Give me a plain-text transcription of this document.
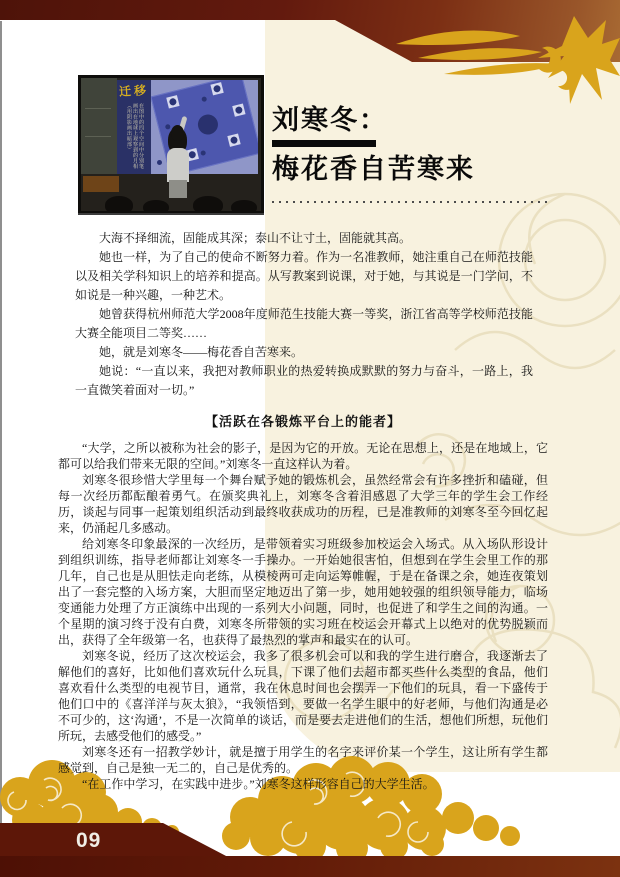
迁移
在图中的四个空间中分别笔画出在地球上观察到的月相（用阴影画出暗部）	刘寒冬：
梅花香自苦寒来

大海不择细流，固能成其深；泰山不让寸土，固能就其高。

她也一样，为了自己的使命不断努力着。作为一名准教师，她注重自己在师范技能以及相关学科知识上的培养和提高。从写教案到说课，对于她，与其说是一门学问，不如说是一种兴趣，一种艺术。

她曾获得杭州师范大学2008年度师范生技能大赛一等奖，浙江省高等学校师范技能大赛全能项目二等奖……

她，就是刘寒冬——梅花香自苦寒来。

她说：“一直以来，我把对教师职业的热爱转换成默默的努力与奋斗，一路上，我一直微笑着面对一切。”

【活跃在各锻炼平台上的能者】

“大学，之所以被称为社会的影子，是因为它的开放。无论在思想上，还是在地域上，它都可以给我们带来无限的空间。”刘寒冬一直这样认为着。

刘寒冬很珍惜大学里每一个舞台赋予她的锻炼机会，虽然经常会有许多挫折和磕碰，但每一次经历都酝酿着勇气。在颁奖典礼上，刘寒冬含着泪感恩了大学三年的学生会工作经历，谈起与同事一起策划组织活动到最终收获成功的历程，已是准教师的刘寒冬至今回忆起来，仍涌起几多感动。

给刘寒冬印象最深的一次经历，是带领着实习班级参加校运会入场式。从入场队形设计到组织训练，指导老师都让刘寒冬一手操办。一开始她很害怕，但想到在学生会里工作的那几年，自己也是从胆怯走向老练，从模棱两可走向运筹帷幄，于是在备课之余，她连夜策划出了一套完整的入场方案，大胆而坚定地迈出了第一步，她用她较强的组织领导能力，临场变通能力处理了方正演练中出现的一系列大小问题，同时，也促进了和学生之间的沟通。一个星期的演习终于没有白费，刘寒冬所带领的实习班在校运会开幕式上以绝对的优势脱颖而出，获得了全年级第一名，也获得了最热烈的掌声和最实在的认可。

刘寒冬说，经历了这次校运会，我多了很多机会可以和我的学生进行磨合，我逐渐去了解他们的喜好，比如他们喜欢玩什么玩具，下课了他们去超市都买些什么类型的食品，他们喜欢看什么类型的电视节目，通常，我在休息时间也会摆弄一下他们的玩具，看一下盛传于他们口中的《喜洋洋与灰太狼》，“我领悟到，要做一名学生眼中的好老师，与他们沟通是必不可少的，这‘沟通’，不是一次简单的谈话，而是要去走进他们的生活，想他们所想，玩他们所玩，去感受他们的感受。”

刘寒冬还有一招教学妙计，就是擅于用学生的名字来评价某一个学生，这让所有学生都感觉到，自己是独一无二的，自己是优秀的。

“在工作中学习，在实践中进步。”刘寒冬这样形容自己的大学生活。

09
